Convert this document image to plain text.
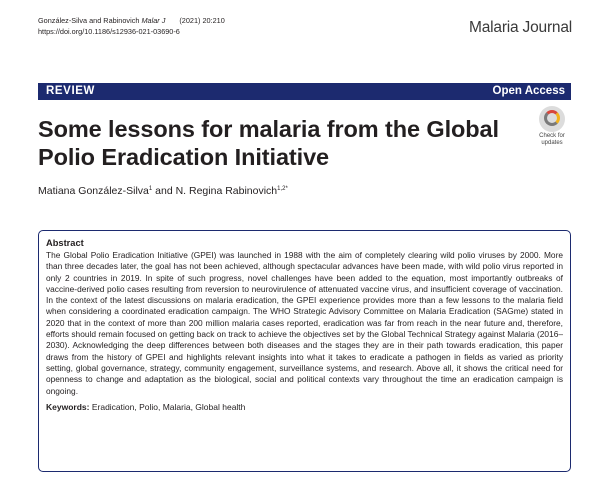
González-Silva and Rabinovich Malar J (2021) 20:210
https://doi.org/10.1186/s12936-021-03690-6	Malaria Journal
REVIEW	Open Access
Some lessons for malaria from the Global Polio Eradication Initiative
Check for
updates
Matiana González-Silva$^1$ and N. Regina Rabinovich$^{1,2*}$
Abstract

The Global Polio Eradication Initiative (GPEI) was launched in 1988 with the aim of completely clearing wild polio viruses by 2000. More than three decades later, the goal has not been achieved, although spectacular advances have been made, with wild polio virus reported in only 2 countries in 2019. In spite of such progress, novel challenges have been added to the equation, most importantly outbreaks of vaccine-derived polio cases resulting from reversion to neurovirulence of attenuated vaccine virus, and insufficient coverage of vaccination. In the context of the latest discussions on malaria eradication, the GPEI experience provides more than a few lessons to the malaria field when considering a coordinated eradication campaign. The WHO Strategic Advisory Committee on Malaria Eradication (SAGme) stated in 2020 that in the context of more than 200 million malaria cases reported, eradication was far from reach in the near future and, therefore, efforts should remain focused on getting back on track to achieve the objectives set by the Global Technical Strategy against Malaria (2016–2030). Acknowledging the deep differences between both diseases and the stages they are in their path towards eradication, this paper draws from the history of GPEI and highlights relevant insights into what it takes to eradicate a pathogen in fields as varied as priority setting, global governance, strategy, community engagement, surveillance systems, and research. Above all, it shows the critical need for openness to change and adaptation as the biological, social and political contexts vary throughout the time an eradication campaign is ongoing.

Keywords: Eradication, Polio, Malaria, Global health
